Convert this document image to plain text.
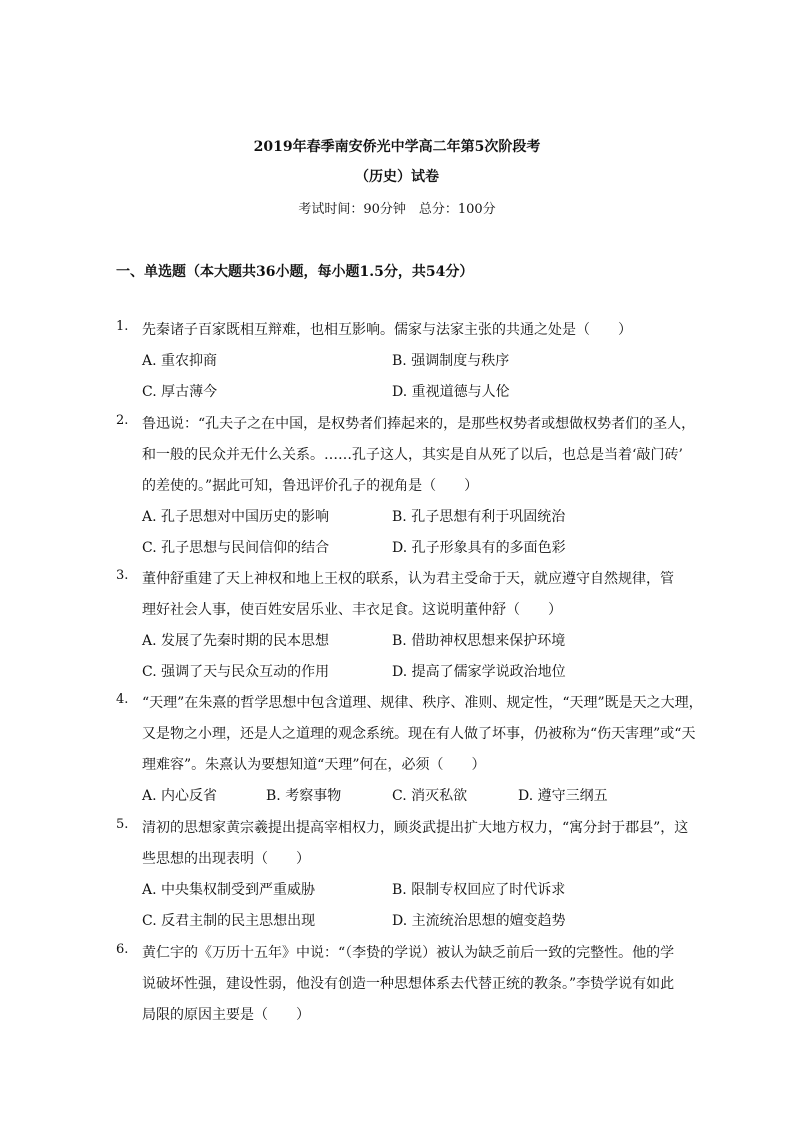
2019年春季南安侨光中学高二年第5次阶段考
（历史）试卷
考试时间：90分钟　总分：100分
一、单选题（本大题共36小题，每小题1.5分，共54分）
1. 先秦诸子百家既相互辩难，也相互影响。儒家与法家主张的共通之处是（　　）
A. 重农抑商	B. 强调制度与秩序
C. 厚古薄今	D. 重视道德与人伦
2. 鲁迅说：“孔夫子之在中国，是权势者们捧起来的，是那些权势者或想做权势者们的圣人，
和一般的民众并无什么关系。……孔子这人，其实是自从死了以后，也总是当着‘敲门砖’
的差使的。”据此可知，鲁迅评价孔子的视角是（　　）
A. 孔子思想对中国历史的影响	B. 孔子思想有利于巩固统治
C. 孔子思想与民间信仰的结合	D. 孔子形象具有的多面色彩
3. 董仲舒重建了天上神权和地上王权的联系，认为君主受命于天，就应遵守自然规律，管
理好社会人事，使百姓安居乐业、丰衣足食。这说明董仲舒（　　）
A. 发展了先秦时期的民本思想	B. 借助神权思想来保护环境
C. 强调了天与民众互动的作用	D. 提高了儒家学说政治地位
4. “天理”在朱熹的哲学思想中包含道理、规律、秩序、准则、规定性，“天理”既是天之大理，
又是物之小理，还是人之道理的观念系统。现在有人做了坏事，仍被称为“伤天害理”或“天
理难容”。朱熹认为要想知道“天理”何在，必须（　　）
A. 内心反省	B. 考察事物	C. 消灭私欲	D. 遵守三纲五
5. 清初的思想家黄宗羲提出提高宰相权力，顾炎武提出扩大地方权力，“寓分封于郡县”，这
些思想的出现表明（　　）
A. 中央集权制受到严重威胁	B. 限制专权回应了时代诉求
C. 反君主制的民主思想出现	D. 主流统治思想的嬗变趋势
6. 黄仁宇的《万历十五年》中说：“（李贽的学说）被认为缺乏前后一致的完整性。他的学
说破坏性强，建设性弱，他没有创造一种思想体系去代替正统的教条。”李贽学说有如此
局限的原因主要是（　　）
